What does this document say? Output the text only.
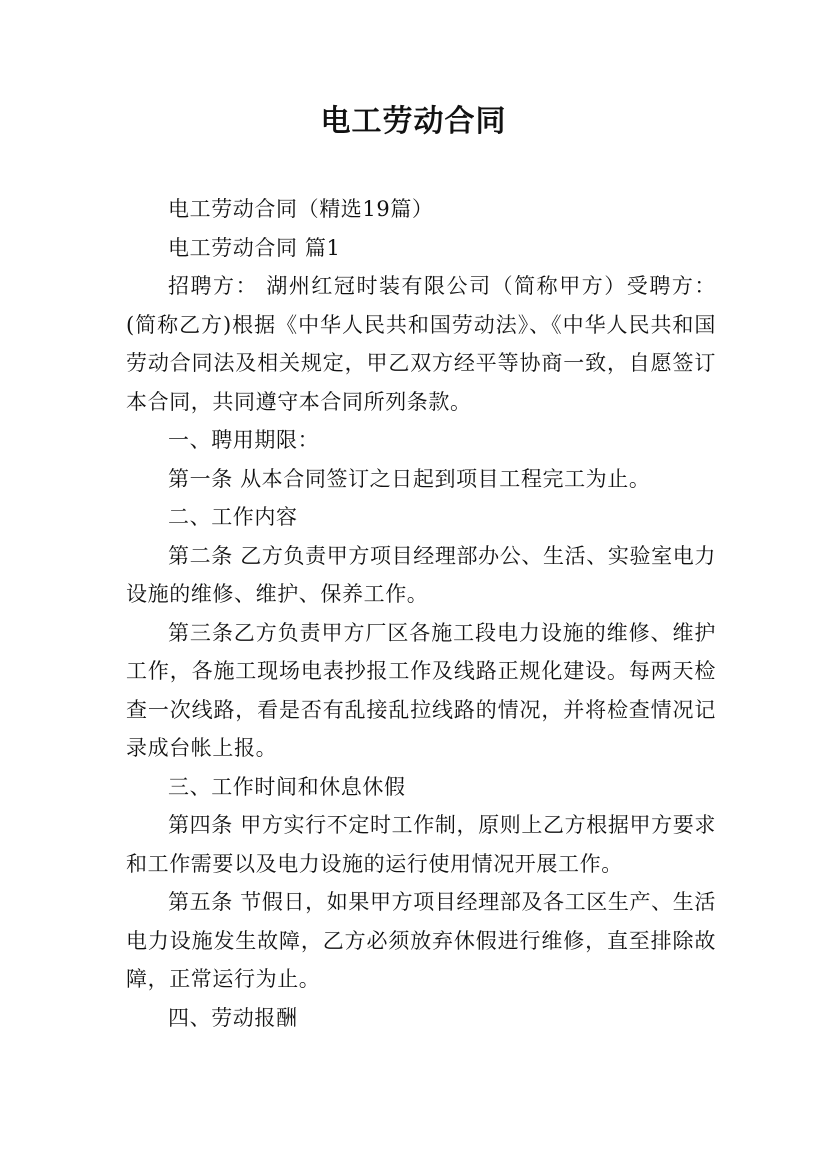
电工劳动合同

电工劳动合同（精选19篇）

电工劳动合同 篇1

招聘方： 湖州红冠时装有限公司（简称甲方）受聘方：(简称乙方)根据《中华人民共和国劳动法》、《中华人民共和国劳动合同法及相关规定，甲乙双方经平等协商一致，自愿签订本合同，共同遵守本合同所列条款。

一、聘用期限：

第一条 从本合同签订之日起到项目工程完工为止。

二、工作内容

第二条 乙方负责甲方项目经理部办公、生活、实验室电力设施的维修、维护、保养工作。

第三条乙方负责甲方厂区各施工段电力设施的维修、维护工作，各施工现场电表抄报工作及线路正规化建设。每两天检查一次线路，看是否有乱接乱拉线路的情况，并将检查情况记录成台帐上报。

三、工作时间和休息休假

第四条 甲方实行不定时工作制，原则上乙方根据甲方要求和工作需要以及电力设施的运行使用情况开展工作。

第五条 节假日，如果甲方项目经理部及各工区生产、生活电力设施发生故障，乙方必须放弃休假进行维修，直至排除故障，正常运行为止。

四、劳动报酬
